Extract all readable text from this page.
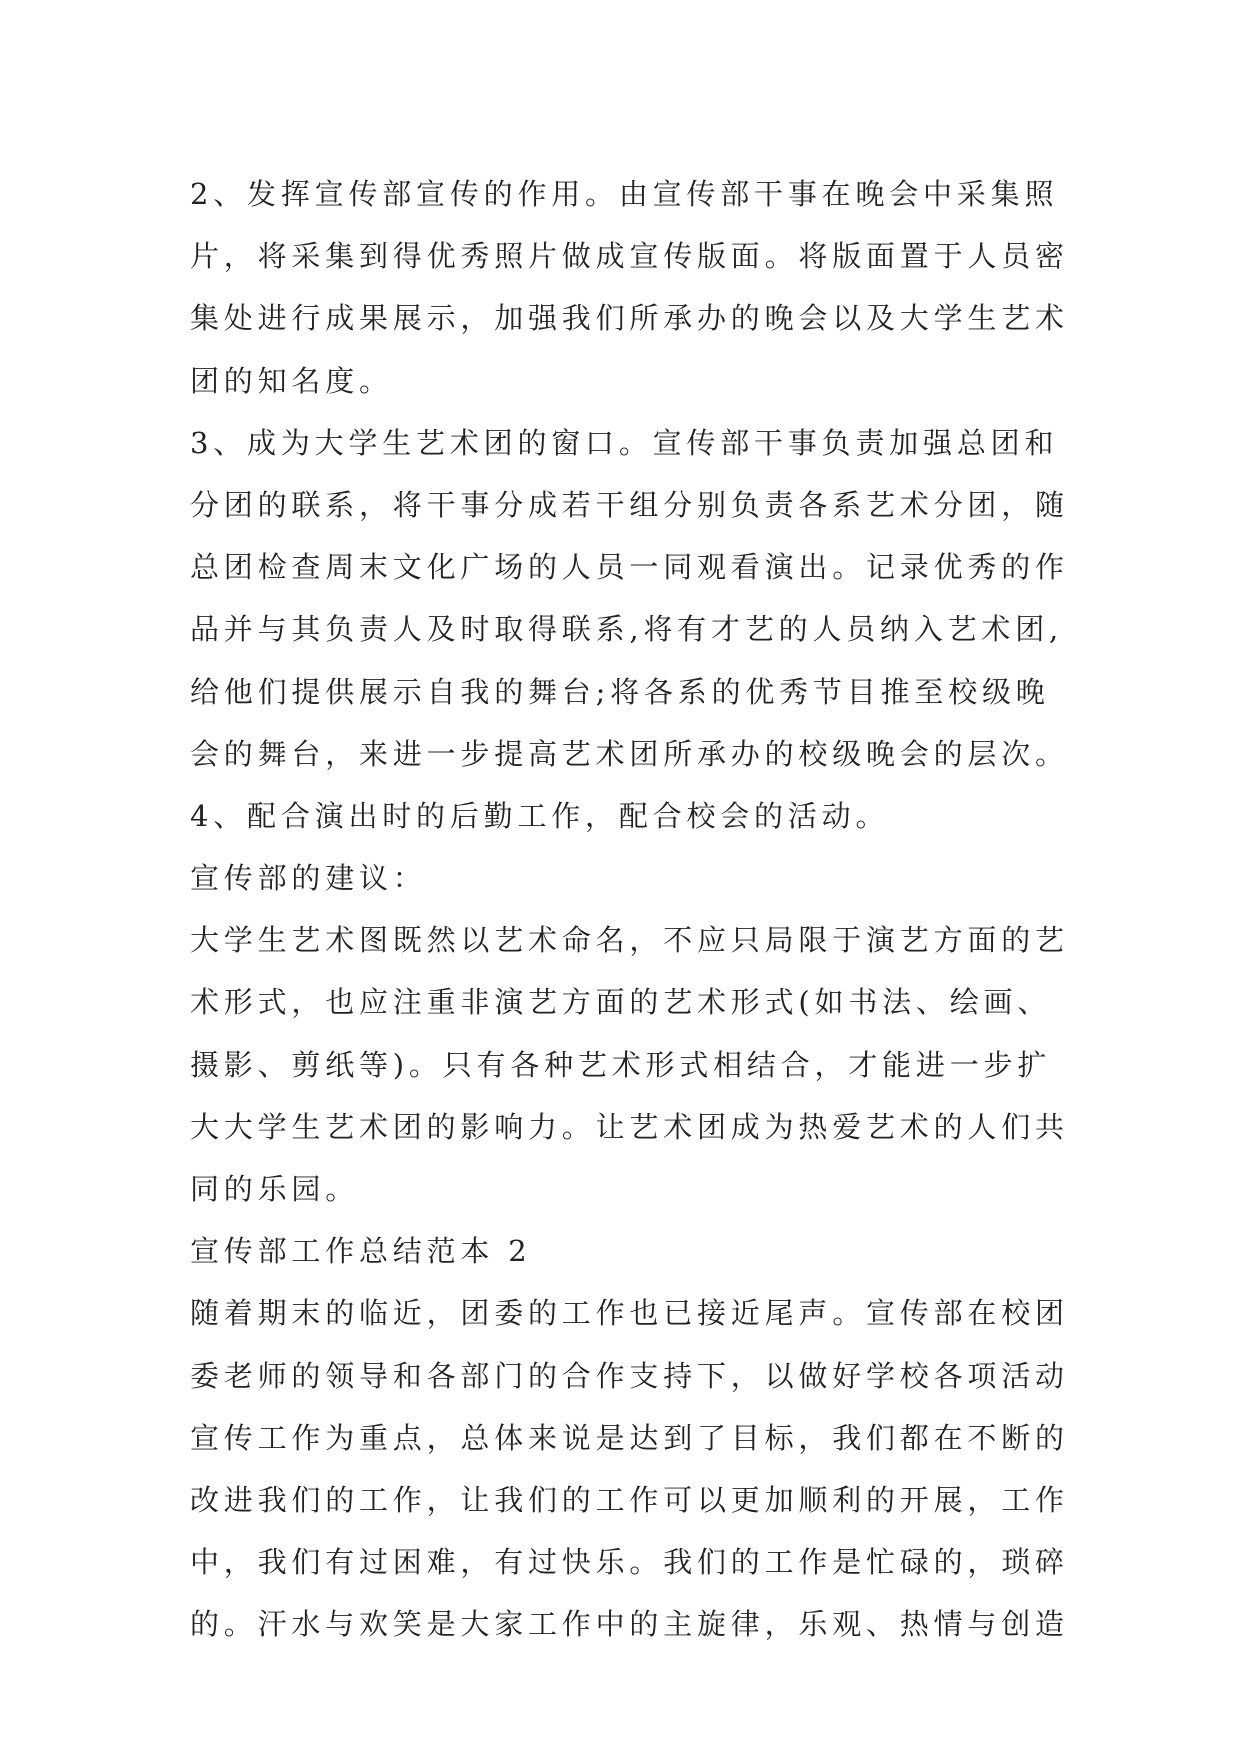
2、发挥宣传部宣传的作用。由宣传部干事在晚会中采集照
片，将采集到得优秀照片做成宣传版面。将版面置于人员密
集处进行成果展示，加强我们所承办的晚会以及大学生艺术
团的知名度。
3、成为大学生艺术团的窗口。宣传部干事负责加强总团和
分团的联系，将干事分成若干组分别负责各系艺术分团，随
总团检查周末文化广场的人员一同观看演出。记录优秀的作
品并与其负责人及时取得联系,将有才艺的人员纳入艺术团,
给他们提供展示自我的舞台;将各系的优秀节目推至校级晚
会的舞台，来进一步提高艺术团所承办的校级晚会的层次。
4、配合演出时的后勤工作，配合校会的活动。
宣传部的建议：
大学生艺术图既然以艺术命名，不应只局限于演艺方面的艺
术形式，也应注重非演艺方面的艺术形式(如书法、绘画、
摄影、剪纸等)。只有各种艺术形式相结合，才能进一步扩
大大学生艺术团的影响力。让艺术团成为热爱艺术的人们共
同的乐园。
宣传部工作总结范本 2
随着期末的临近，团委的工作也已接近尾声。宣传部在校团
委老师的领导和各部门的合作支持下，以做好学校各项活动
宣传工作为重点，总体来说是达到了目标，我们都在不断的
改进我们的工作，让我们的工作可以更加顺利的开展，工作
中，我们有过困难，有过快乐。我们的工作是忙碌的，琐碎
的。汗水与欢笑是大家工作中的主旋律，乐观、热情与创造
